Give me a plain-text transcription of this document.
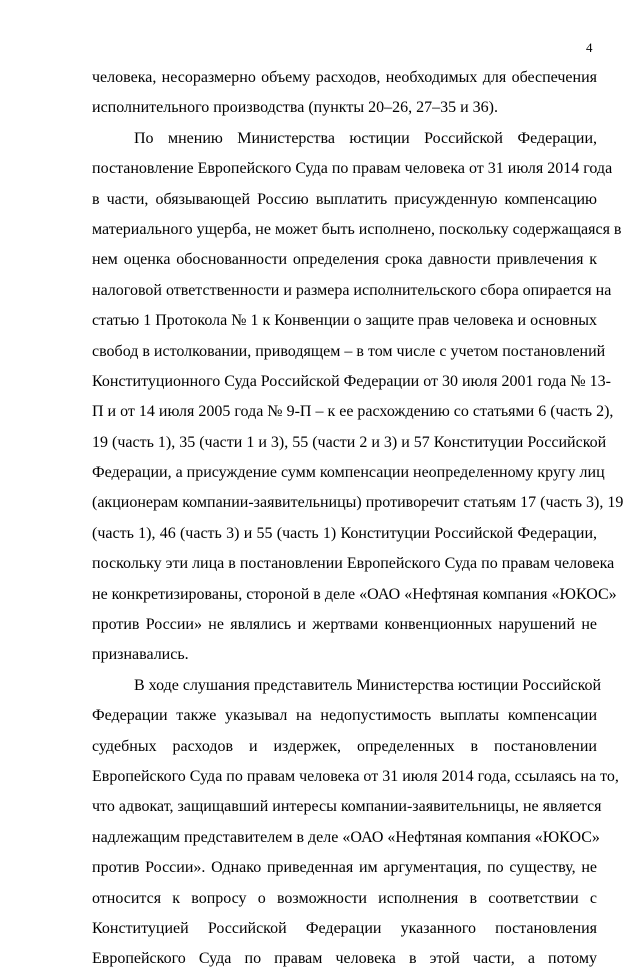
4
человека, несоразмерно объему расходов, необходимых для обеспечения
исполнительного производства (пункты 20–26, 27–35 и 36).
По мнению Министерства юстиции Российской Федерации,
постановление Европейского Суда по правам человека от 31 июля 2014 года
в части, обязывающей Россию выплатить присужденную компенсацию
материального ущерба, не может быть исполнено, поскольку содержащаяся в
нем оценка обоснованности определения срока давности привлечения к
налоговой ответственности и размера исполнительского сбора опирается на
статью 1 Протокола № 1 к Конвенции о защите прав человека и основных
свобод в истолковании, приводящем – в том числе с учетом постановлений
Конституционного Суда Российской Федерации от 30 июля 2001 года № 13-
П и от 14 июля 2005 года № 9-П – к ее расхождению со статьями 6 (часть 2),
19 (часть 1), 35 (части 1 и 3), 55 (части 2 и 3) и 57 Конституции Российской
Федерации, а присуждение сумм компенсации неопределенному кругу лиц
(акционерам компании-заявительницы) противоречит статьям 17 (часть 3), 19
(часть 1), 46 (часть 3) и 55 (часть 1) Конституции Российской Федерации,
поскольку эти лица в постановлении Европейского Суда по правам человека
не конкретизированы, стороной в деле «ОАО «Нефтяная компания «ЮКОС»
против России» не являлись и жертвами конвенционных нарушений не
признавались.
В ходе слушания представитель Министерства юстиции Российской
Федерации также указывал на недопустимость выплаты компенсации
судебных расходов и издержек, определенных в постановлении
Европейского Суда по правам человека от 31 июля 2014 года, ссылаясь на то,
что адвокат, защищавший интересы компании-заявительницы, не является
надлежащим представителем в деле «ОАО «Нефтяная компания «ЮКОС»
против России». Однако приведенная им аргументация, по существу, не
относится к вопросу о возможности исполнения в соответствии с
Конституцией Российской Федерации указанного постановления
Европейского Суда по правам человека в этой части, а потому
